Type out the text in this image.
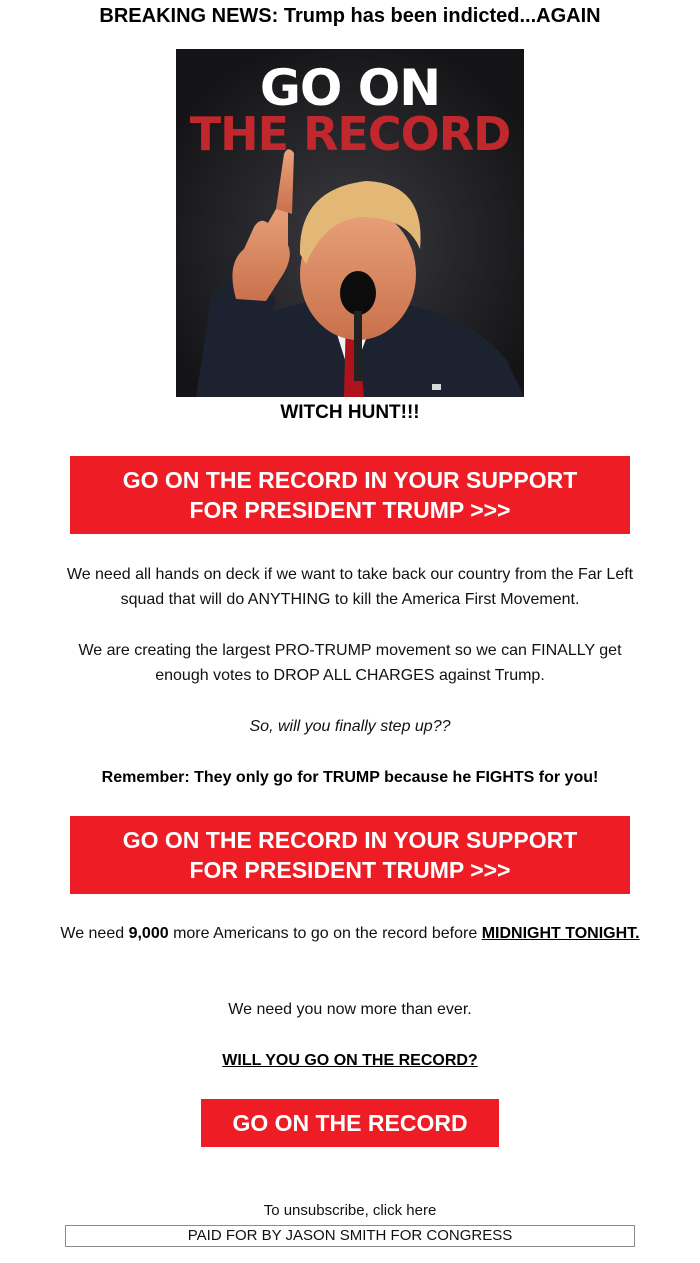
BREAKING NEWS: Trump has been indicted...AGAIN
GO ON
THE RECORD
WITCH HUNT!!!
GO ON THE RECORD IN YOUR SUPPORT FOR PRESIDENT TRUMP >>>
We need all hands on deck if we want to take back our country from the Far Left squad that will do ANYTHING to kill the America First Movement.
We are creating the largest PRO-TRUMP movement so we can FINALLY get enough votes to DROP ALL CHARGES against Trump.
So, will you finally step up??
Remember: They only go for TRUMP because he FIGHTS for you!
GO ON THE RECORD IN YOUR SUPPORT FOR PRESIDENT TRUMP >>>
We need 9,000 more Americans to go on the record before MIDNIGHT TONIGHT.
We need you now more than ever.
WILL YOU GO ON THE RECORD?
GO ON THE RECORD
To unsubscribe, click here
PAID FOR BY JASON SMITH FOR CONGRESS
